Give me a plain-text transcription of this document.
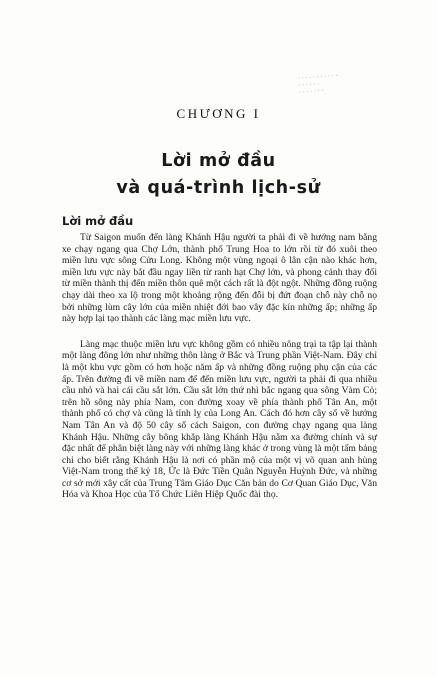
· · · · · · · · · · ·
· · · · · ·
· · · · · · ·
CHƯƠNG I
Lời mở đầu
và quá-trình lịch-sử
Lời mở đầu

Từ Saigon muốn đến làng Khánh Hậu người ta phải đi về hướng nam bằng xe chạy ngang qua Chợ Lớn, thành phố Trung Hoa to lớn rồi từ đó xuôi theo miền lưu vực sông Cửu Long. Không một vùng ngoại ô lân cận nào khác hơn, miền lưu vực này bắt đầu ngay liền từ ranh hạt Chợ lớn, và phong cảnh thay đổi từ miền thành thị đến miền thôn quê một cách rất là đột ngột. Những đồng ruộng chạy dài theo xa lộ trong một khoảng rộng đến đỗi bị đứt đoạn chỗ này chỗ nọ bởi những lùm cây lớn của miền nhiệt đới bao vây đặc kín những ấp; những ấp này hợp lại tạo thành các làng mạc miền lưu vực.

Làng mạc thuộc miền lưu vực không gồm có nhiều nông trại ta tập lại thành một làng đông lớn như những thôn làng ở Bắc và Trung phần Việt-Nam. Đây chỉ là một khu vực gồm có hơn hoặc năm ấp và những đồng ruộng phụ cận của các ấp. Trên đường đi về miền nam để đến miền lưu vực, người ta phải đi qua nhiều cầu nhỏ và hai cái cầu sắt lớn. Cầu sắt lớn thứ nhì bắc ngang qua sông Vàm Cỏ; trên hồ sông này phía Nam, con đường xoay về phía thành phố Tân An, một thành phố có chợ và cũng là tỉnh lỵ của Long An. Cách đó hơn cây số về hướng Nam Tân An và độ 50 cây số cách Saigon, con đường chạy ngang qua làng Khánh Hậu. Những cây bông khắp làng Khánh Hậu nằm xa đường chính và sự đặc nhất để phân biệt làng này với những làng khác ở trong vùng là một tấm bảng chỉ cho biết rằng Khánh Hậu là nơi có phần mộ của một vị võ quan anh hùng Việt-Nam trong thế kỷ 18, Ức là Đức Tiền Quân Nguyễn Huỳnh Đức, và những cơ sở mới xây cất của Trung Tâm Giáo Dục Căn bản do Cơ Quan Giáo Dục, Văn Hóa và Khoa Học của Tổ Chức Liên Hiệp Quốc đài thọ.
